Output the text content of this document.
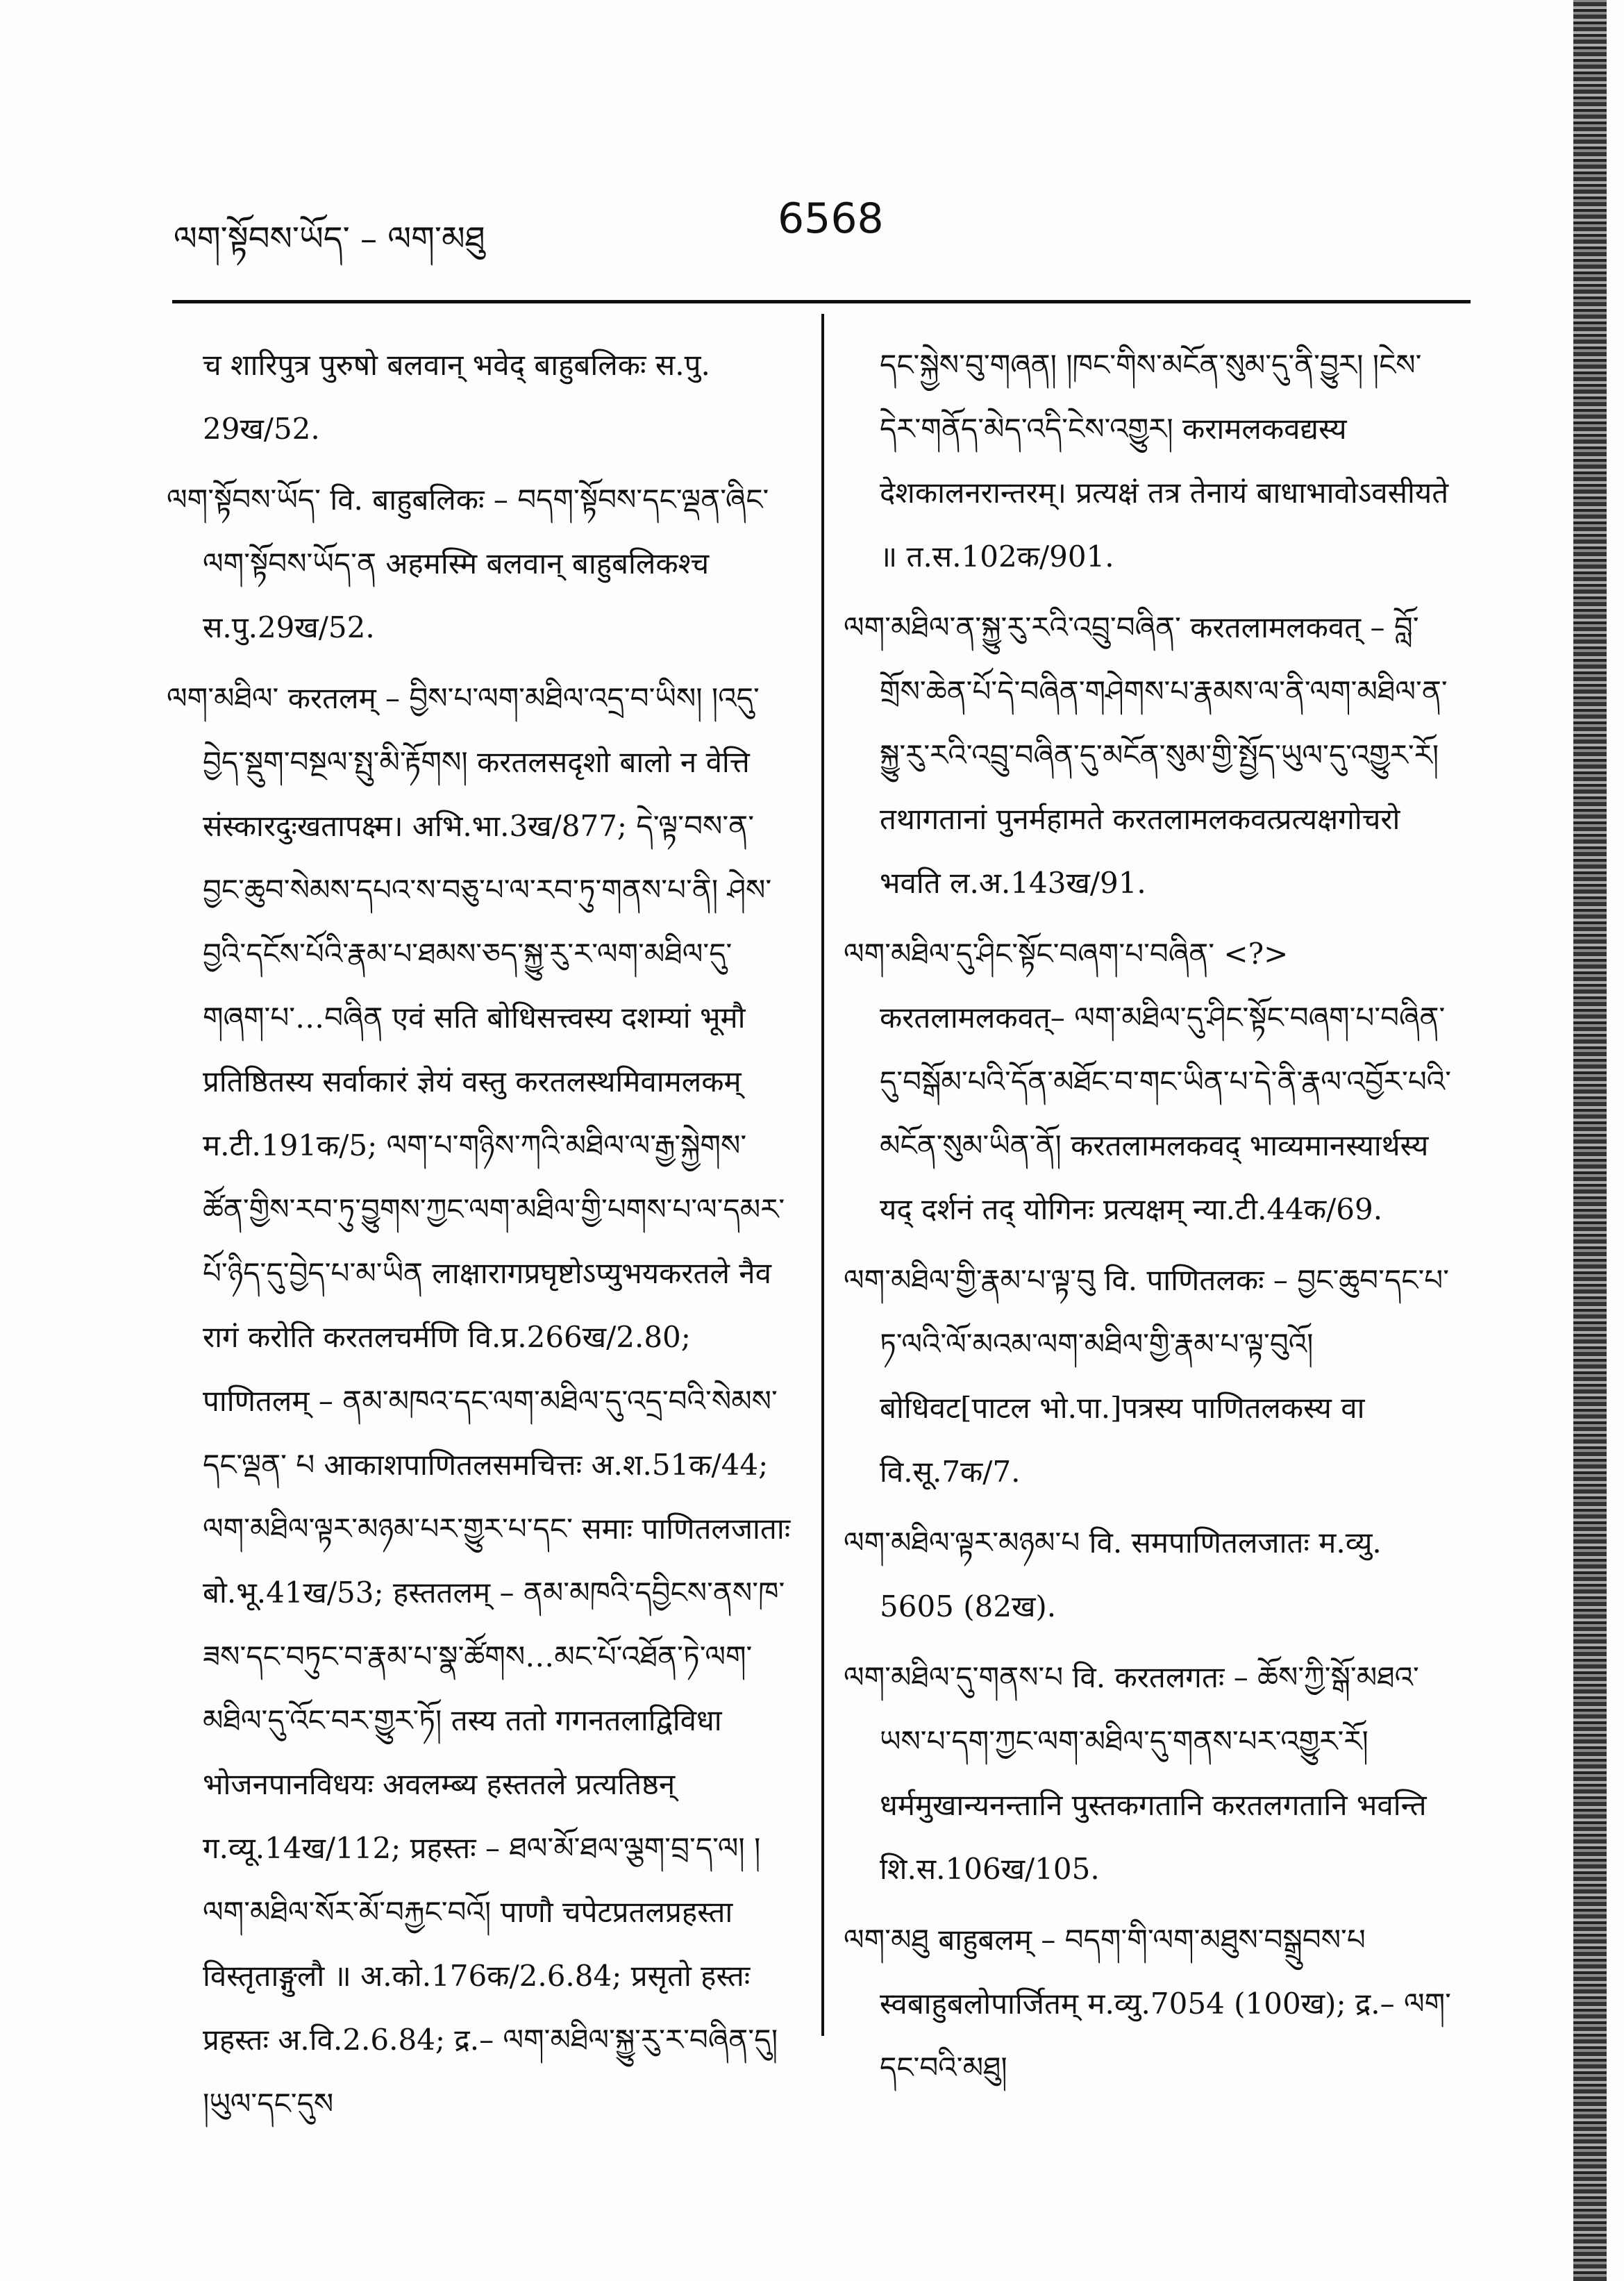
ལག་སྟོབས་ཡོད་ – ལག་མཐུ	6568

च शारिपुत्र पुरुषो बलवान् भवेद् बाहुबलिकः स.पु. 29ख/52.

ལག་སྟོབས་ཡོད་ वि. बाहुबलिकः – བདག་སྟོབས་དང་ལྡན་ཞིང་ལག་སྟོབས་ཡོད་ན अहमस्मि बलवान् बाहुबलिकश्च स.पु.29ख/52.

ལག་མཐིལ་ करतलम् – བྱིས་པ་ལག་མཐིལ་འདྲ་བ་ཡིས། །འདུ་བྱེད་སྡུག་བསྔལ་སྤུ་མི་རྟོགས། करतलसदृशो बालो न वेत्ति संस्कारदुःखतापक्ष्म। अभि.भा.3ख/877; དེ་ལྟ་བས་ན་བྱང་ཆུབ་སེམས་དཔའ་ས་བཅུ་པ་ལ་རབ་ཏུ་གནས་པ་ནི། ཤེས་བྱའི་དངོས་པོའི་རྣམ་པ་ཐམས་ཅད་སྐྱུ་རུ་ར་ལག་མཐིལ་དུ་གཞག་པ་…བཞིན एवं सति बोधिसत्त्वस्य दशम्यां भूमौ प्रतिष्ठितस्य सर्वाकारं ज्ञेयं वस्तु करतलस्थमिवामलकम् म.टी.191क/5; ལག་པ་གཉིས་ཀའི་མཐིལ་ལ་རྒྱ་སྐྱེགས་ཚོན་གྱིས་རབ་ཏུ་བྱུགས་ཀྱང་ལག་མཐིལ་གྱི་པགས་པ་ལ་དམར་པོ་ཉིད་དུ་བྱེད་པ་མ་ཡིན लाक्षारागप्रघृष्टोऽप्युभयकरतले नैव रागं करोति करतलचर्मणि वि.प्र.266ख/2.80; पाणितलम् – ནམ་མཁའ་དང་ལག་མཐིལ་དུ་འདྲ་བའི་སེམས་དང་ལྡན་ པ आकाशपाणितलसमचित्तः अ.श.51क/44; ལག་མཐིལ་ལྟར་མཉམ་པར་གྱུར་པ་དང་ समाः पाणितलजाताः बो.भू.41ख/53; हस्ततलम् – ནམ་མཁའི་དབྱིངས་ནས་ཁ་ཟས་དང་བཏུང་བ་རྣམ་པ་སྣ་ཚོགས…མང་པོ་འཐོན་ཏེ་ལག་མཐིལ་དུ་འོང་བར་གྱུར་ཏོ། तस्य ततो गगनतलाद्विविधा भोजनपानविधयः अवलम्ब्य हस्ततले प्रत्यतिष्ठन् ग.व्यू.14ख/112; प्रहस्तः – ཐལ་མོ་ཐལ་ལྕག་བྲ་ད་ལ། །ལག་མཐིལ་སོར་མོ་བརྐྱང་བའོ། पाणौ चपेटप्रतलप्रहस्ता विस्तृताङ्गुलौ ॥ अ.को.176क/2.6.84; प्रसृतो हस्तः प्रहस्तः अ.वि.2.6.84; द्र.– ལག་མཐིལ་སྐྱུ་རུ་ར་བཞིན་དུ། །ཡུལ་དང་དུས

དང་སྐྱེས་བུ་གཞན། །ཁང་གིས་མངོན་སུམ་དུ་ནི་བྱུར། །ངེས་དེར་གནོད་མེད་འདི་ངེས་འགྱུར། करामलकवद्यस्य देशकालनरान्तरम्। प्रत्यक्षं तत्र तेनायं बाधाभावोऽवसीयते ॥ त.स.102क/901.

ལག་མཐིལ་ན་སྐྱུ་རུ་རའི་འབྲུ་བཞིན་ करतलामलकवत् – བློ་གྲོས་ཆེན་པོ་དེ་བཞིན་གཤེགས་པ་རྣམས་ལ་ནི་ལག་མཐིལ་ན་སྐྱུ་རུ་རའི་འབྲུ་བཞིན་དུ་མངོན་སུམ་གྱི་སྤྱོད་ཡུལ་དུ་འགྱུར་རོ། तथागतानां पुनर्महामते करतलामलकवत्प्रत्यक्षगोचरो भवति ल.अ.143ख/91.

ལག་མཐིལ་དུ་ཤིང་སྟོང་བཞག་པ་བཞིན་ <?> करतलामलकवत्– ལག་མཐིལ་དུ་ཤིང་སྟོང་བཞག་པ་བཞིན་དུ་བསྒོམ་པའི་དོན་མཐོང་བ་གང་ཡིན་པ་དེ་ནི་རྣལ་འབྱོར་པའི་མངོན་སུམ་ཡིན་ནོ། करतलामलकवद् भाव्यमानस्यार्थस्य यद् दर्शनं तद् योगिनः प्रत्यक्षम् न्या.टी.44क/69.

ལག་མཐིལ་གྱི་རྣམ་པ་ལྟ་བུ वि. पाणितलकः – བྱང་ཆུབ་དང་པ་ཏ་ལའི་ལོ་མའམ་ལག་མཐིལ་གྱི་རྣམ་པ་ལྟ་བུའོ། बोधिवट[पाटल भो.पा.]पत्रस्य पाणितलकस्य वा वि.सू.7क/7.

ལག་མཐིལ་ལྟར་མཉམ་པ वि. समपाणितलजातः म.व्यु. 5605 (82ख).

ལག་མཐིལ་དུ་གནས་པ वि. करतलगतः – ཆོས་ཀྱི་སྒོ་མཐའ་ཡས་པ་དག་ཀྱང་ལག་མཐིལ་དུ་གནས་པར་འགྱུར་རོ། धर्ममुखान्यनन्तानि पुस्तकगतानि करतलगतानि भवन्ति शि.स.106ख/105.

ལག་མཐུ बाहुबलम् – བདག་གི་ལག་མཐུས་བསྒྲུབས་པ स्वबाहुबलोपार्जितम् म.व्यु.7054 (100ख); द्र.– ལག་དང་བའི་མཐུ།
